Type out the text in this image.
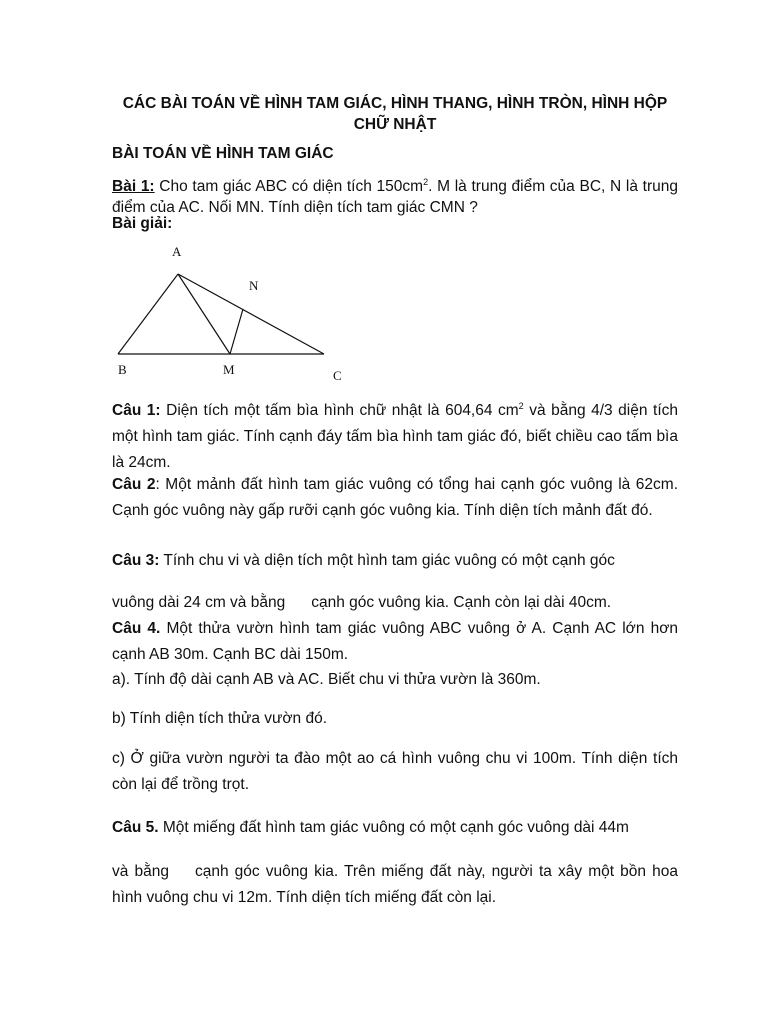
CÁC BÀI TOÁN VỀ HÌNH TAM GIÁC, HÌNH THANG, HÌNH TRÒN, HÌNH HỘP CHỮ NHẬT
BÀI TOÁN VỀ HÌNH TAM GIÁC
Bài 1: Cho tam giác ABC có diện tích $150cm^2$. M là trung điểm của BC, N là trung điểm của AC. Nối MN. Tính diện tích tam giác CMN ?
Bài giải:
A
N
B	M	C
Câu 1: Diện tích một tấm bìa hình chữ nhật là 604,64 $cm^2$ và bằng 4/3 diện tích một hình tam giác. Tính cạnh đáy tấm bìa hình tam giác đó, biết chiều cao tấm bìa là 24cm.
Câu 2: Một mảnh đất hình tam giác vuông có tổng hai cạnh góc vuông là 62cm. Cạnh góc vuông này gấp rưỡi cạnh góc vuông kia. Tính diện tích mảnh đất đó.
Câu 3: Tính chu vi và diện tích một hình tam giác vuông có một cạnh góc
vuông dài 24 cm và bằng cạnh góc vuông kia. Cạnh còn lại dài 40cm.
Câu 4. Một thửa vườn hình tam giác vuông ABC vuông ở A. Cạnh AC lớn hơn cạnh AB 30m. Cạnh BC dài 150m.
a). Tính độ dài cạnh AB và AC. Biết chu vi thửa vườn là 360m.
b) Tính diện tích thửa vườn đó.
c) Ở giữa vườn người ta đào một ao cá hình vuông chu vi 100m. Tính diện tích còn lại để trồng trọt.
Câu 5. Một miếng đất hình tam giác vuông có một cạnh góc vuông dài 44m
và bằng cạnh góc vuông kia. Trên miếng đất này, người ta xây một bồn hoa hình vuông chu vi 12m. Tính diện tích miếng đất còn lại.
